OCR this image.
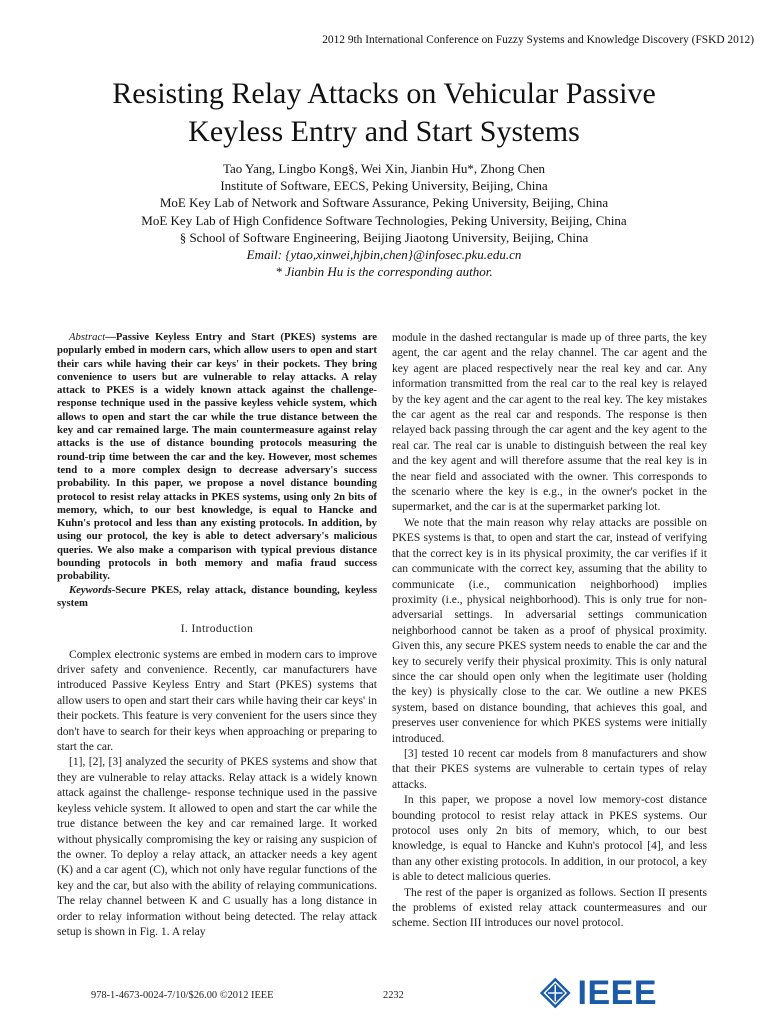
2012 9th International Conference on Fuzzy Systems and Knowledge Discovery (FSKD 2012)
Resisting Relay Attacks on Vehicular Passive
Keyless Entry and Start Systems
Tao Yang, Lingbo Kong§, Wei Xin, Jianbin Hu*, Zhong Chen
Institute of Software, EECS, Peking University, Beijing, China
MoE Key Lab of Network and Software Assurance, Peking University, Beijing, China
MoE Key Lab of High Confidence Software Technologies, Peking University, Beijing, China
§ School of Software Engineering, Beijing Jiaotong University, Beijing, China
Email: {ytao,xinwei,hjbin,chen}@infosec.pku.edu.cn
* Jianbin Hu is the corresponding author.

Abstract—Passive Keyless Entry and Start (PKES) systems are popularly embed in modern cars, which allow users to open and start their cars while having their car keys' in their pockets. They bring convenience to users but are vulnerable to relay attacks. A relay attack to PKES is a widely known attack against the challenge- response technique used in the passive keyless vehicle system, which allows to open and start the car while the true distance between the key and car remained large. The main countermeasure against relay attacks is the use of distance bounding protocols measuring the round-trip time between the car and the key. However, most schemes tend to a more complex design to decrease adversary's success probability. In this paper, we propose a novel distance bounding protocol to resist relay attacks in PKES systems, using only 2n bits of memory, which, to our best knowledge, is equal to Hancke and Kuhn's protocol and less than any existing protocols. In addition, by using our protocol, the key is able to detect adversary's malicious queries. We also make a comparison with typical previous distance bounding protocols in both memory and mafia fraud success probability.

Keywords-Secure PKES, relay attack, distance bounding, keyless system

I. Introduction

Complex electronic systems are embed in modern cars to improve driver safety and convenience. Recently, car manufacturers have introduced Passive Keyless Entry and Start (PKES) systems that allow users to open and start their cars while having their car keys' in their pockets. This feature is very convenient for the users since they don't have to search for their keys when approaching or preparing to start the car.

[1], [2], [3] analyzed the security of PKES systems and show that they are vulnerable to relay attacks. Relay attack is a widely known attack against the challenge- response technique used in the passive keyless vehicle system. It allowed to open and start the car while the true distance between the key and car remained large. It worked without physically compromising the key or raising any suspicion of the owner. To deploy a relay attack, an attacker needs a key agent (K) and a car agent (C), which not only have regular functions of the key and the car, but also with the ability of relaying communications. The relay channel between K and C usually has a long distance in order to relay information without being detected. The relay attack setup is shown in Fig. 1. A relay

module in the dashed rectangular is made up of three parts, the key agent, the car agent and the relay channel. The car agent and the key agent are placed respectively near the real key and car. Any information transmitted from the real car to the real key is relayed by the key agent and the car agent to the real key. The key mistakes the car agent as the real car and responds. The response is then relayed back passing through the car agent and the key agent to the real car. The real car is unable to distinguish between the real key and the key agent and will therefore assume that the real key is in the near field and associated with the owner. This corresponds to the scenario where the key is e.g., in the owner's pocket in the supermarket, and the car is at the supermarket parking lot.

We note that the main reason why relay attacks are possible on PKES systems is that, to open and start the car, instead of verifying that the correct key is in its physical proximity, the car verifies if it can communicate with the correct key, assuming that the ability to communicate (i.e., communication neighborhood) implies proximity (i.e., physical neighborhood). This is only true for non-adversarial settings. In adversarial settings communication neighborhood cannot be taken as a proof of physical proximity. Given this, any secure PKES system needs to enable the car and the key to securely verify their physical proximity. This is only natural since the car should open only when the legitimate user (holding the key) is physically close to the car. We outline a new PKES system, based on distance bounding, that achieves this goal, and preserves user convenience for which PKES systems were initially introduced.

[3] tested 10 recent car models from 8 manufacturers and show that their PKES systems are vulnerable to certain types of relay attacks.

In this paper, we propose a novel low memory-cost distance bounding protocol to resist relay attack in PKES systems. Our protocol uses only 2n bits of memory, which, to our best knowledge, is equal to Hancke and Kuhn's protocol [4], and less than any other existing protocols. In addition, in our protocol, a key is able to detect malicious queries.

The rest of the paper is organized as follows. Section II presents the problems of existed relay attack countermeasures and our scheme. Section III introduces our novel protocol.

978-1-4673-0024-7/10/$26.00 ©2012 IEEE	2232	IEEE
